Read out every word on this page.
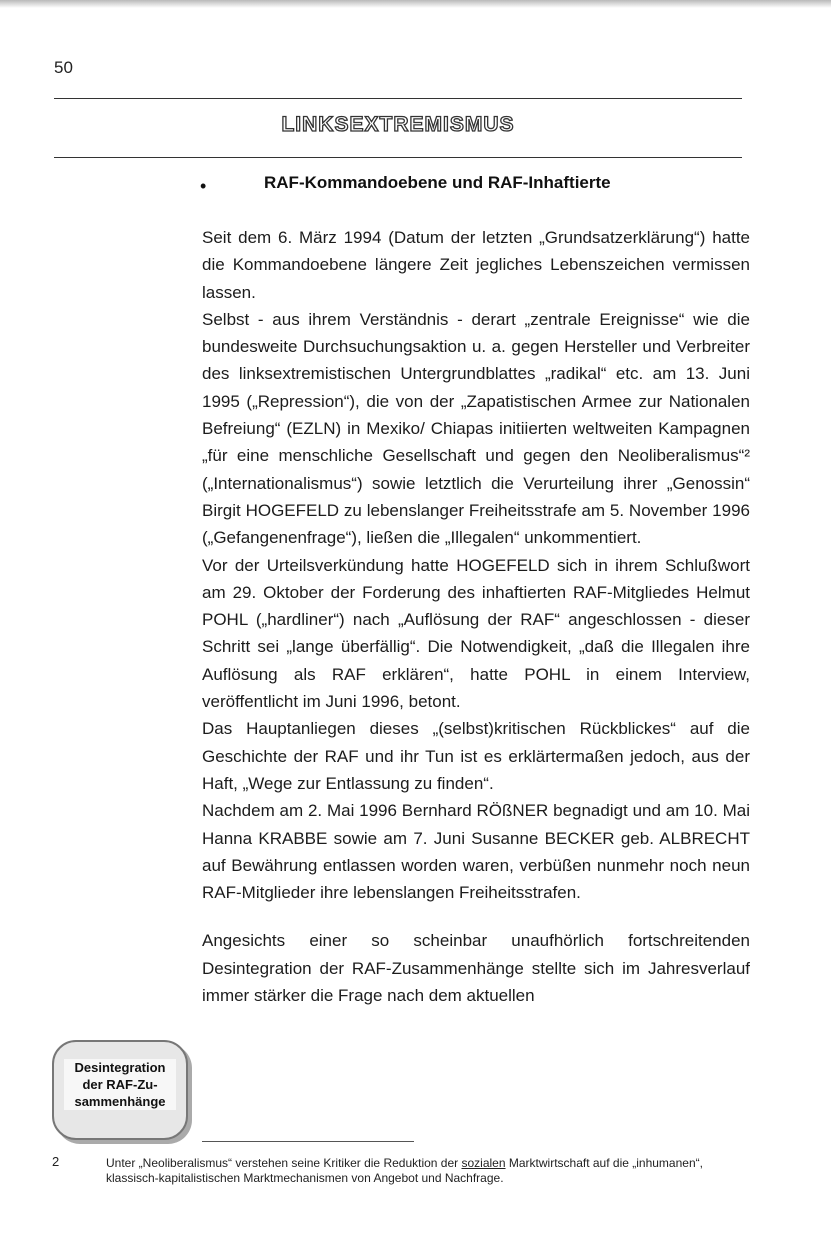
50
LINKSEXTREMISMUS
•	RAF-Kommandoebene und RAF-Inhaftierte

Seit dem 6. März 1994 (Datum der letzten „Grundsatzerklärung“) hatte die Kommandoebene längere Zeit jegliches Lebenszeichen vermissen lassen.

Selbst - aus ihrem Verständnis - derart „zentrale Ereignisse“ wie die bundesweite Durchsuchungsaktion u. a. gegen Hersteller und Verbreiter des linksextremistischen Untergrundblattes „radikal“ etc. am 13. Juni 1995 („Repression“), die von der „Zapatistischen Armee zur Nationalen Befreiung“ (EZLN) in Mexiko/ Chiapas initiierten weltweiten Kampagnen „für eine menschliche Gesellschaft und gegen den Neoliberalismus“² („Internationalismus“) sowie letztlich die Verurteilung ihrer „Genossin“ Birgit HOGEFELD zu lebenslanger Freiheitsstrafe am 5. November 1996 („Gefangenenfrage“), ließen die „Illegalen“ unkommentiert.

Vor der Urteilsverkündung hatte HOGEFELD sich in ihrem Schlußwort am 29. Oktober der Forderung des inhaftierten RAF-Mitgliedes Helmut POHL („hardliner“) nach „Auflösung der RAF“ angeschlossen - dieser Schritt sei „lange überfällig“. Die Notwendigkeit, „daß die Illegalen ihre Auflösung als RAF erklären“, hatte POHL in einem Interview, veröffentlicht im Juni 1996, betont.

Das Hauptanliegen dieses „(selbst)kritischen Rückblickes“ auf die Geschichte der RAF und ihr Tun ist es erklärtermaßen jedoch, aus der Haft, „Wege zur Entlassung zu finden“.

Nachdem am 2. Mai 1996 Bernhard RÖßNER begnadigt und am 10. Mai Hanna KRABBE sowie am 7. Juni Susanne BECKER geb. ALBRECHT auf Bewährung entlassen worden waren, verbüßen nunmehr noch neun RAF-Mitglieder ihre lebenslangen Freiheitsstrafen.

Angesichts einer so scheinbar unaufhörlich fortschreitenden Desintegration der RAF-Zusammenhänge stellte sich im Jahresverlauf immer stärker die Frage nach dem aktuellen

Desintegration
der RAF-Zu-
sammenhänge
2	Unter „Neoliberalismus“ verstehen seine Kritiker die Reduktion der sozialen Marktwirtschaft auf die „inhumanen“, klassisch-kapitalistischen Marktmechanismen von Angebot und Nachfrage.
